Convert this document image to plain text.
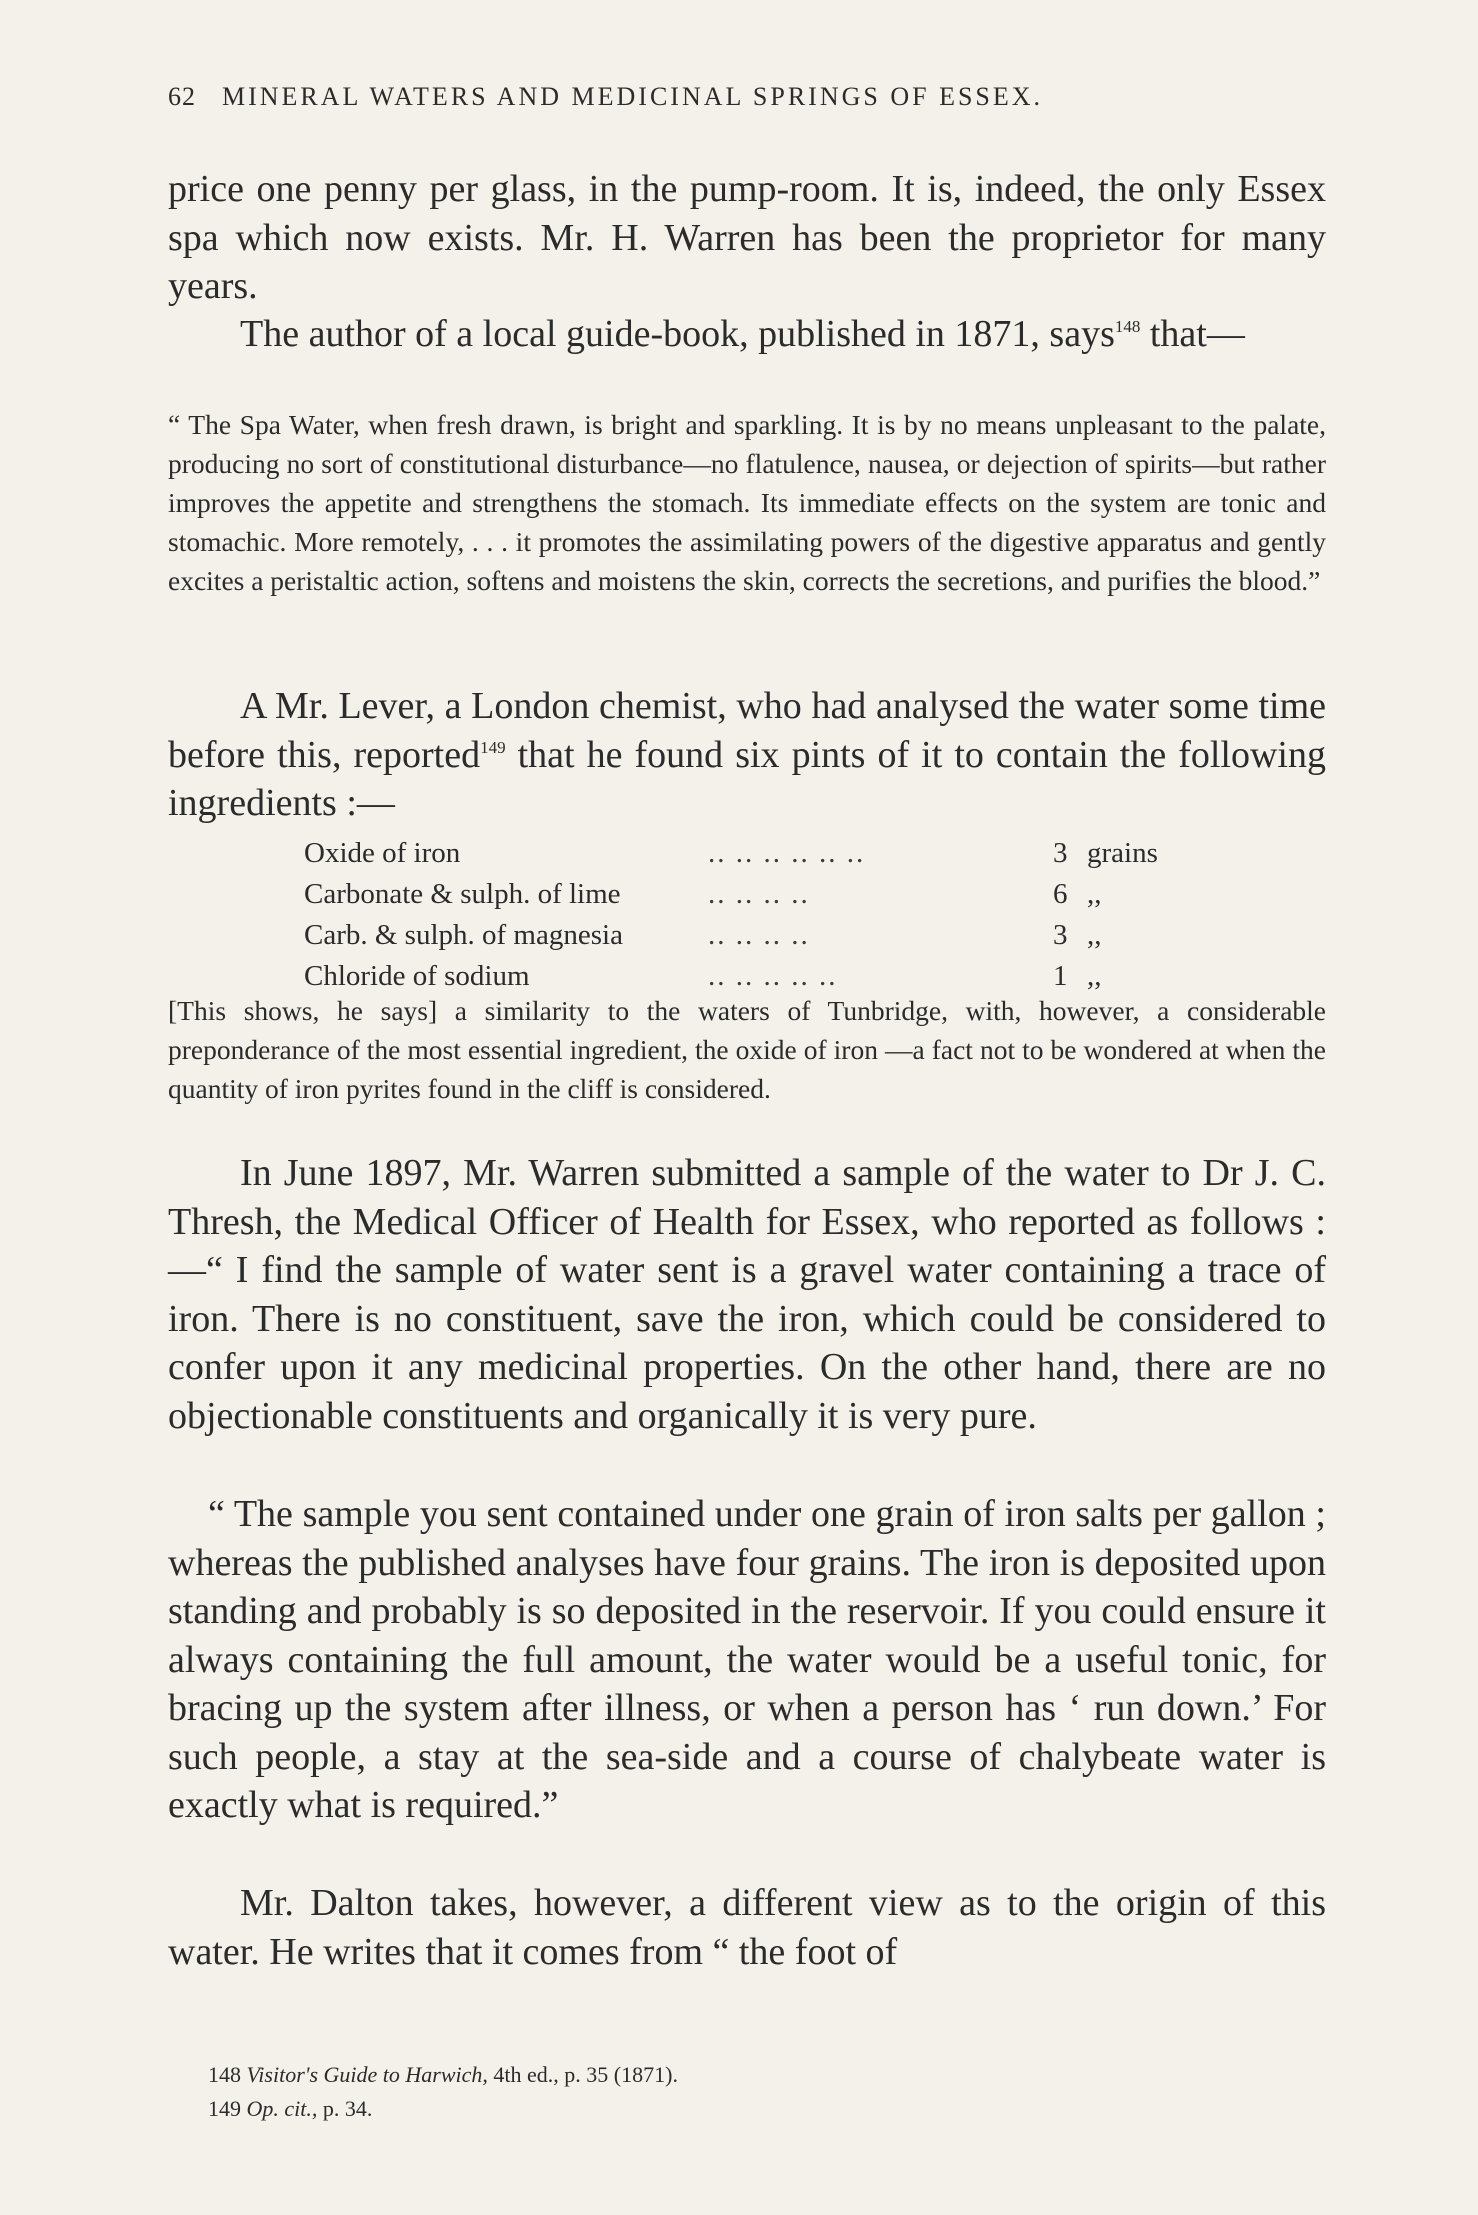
62 MINERAL WATERS AND MEDICINAL SPRINGS OF ESSEX.

price one penny per glass, in the pump-room. It is, indeed, the only Essex spa which now exists. Mr. H. Warren has been the proprietor for many years.

The author of a local guide-book, published in 1871, says$^{148}$ that—

“ The Spa Water, when fresh drawn, is bright and sparkling. It is by no means unpleasant to the palate, producing no sort of constitutional disturbance—no flatulence, nausea, or dejection of spirits—but rather improves the appetite and strengthens the stomach. Its immediate effects on the system are tonic and stomachic. More remotely, . . . it promotes the assimilating powers of the digestive apparatus and gently excites a peristaltic action, softens and moistens the skin, corrects the secretions, and purifies the blood.”

A Mr. Lever, a London chemist, who had analysed the water some time before this, reported$^{149}$ that he found six pints of it to contain the following ingredients :—

Oxide of iron	.. .. .. .. .. ..	3 grains
Carbonate & sulph. of lime	.. .. .. ..	6 ,,
Carb. & sulph. of magnesia	.. .. .. ..	3 ,,
Chloride of sodium	.. .. .. .. ..	1 ,,

[This shows, he says] a similarity to the waters of Tunbridge, with, however, a considerable preponderance of the most essential ingredient, the oxide of iron —a fact not to be wondered at when the quantity of iron pyrites found in the cliff is considered.

In June 1897, Mr. Warren submitted a sample of the water to Dr J. C. Thresh, the Medical Officer of Health for Essex, who reported as follows :—“ I find the sample of water sent is a gravel water containing a trace of iron. There is no constituent, save the iron, which could be considered to confer upon it any medicinal properties. On the other hand, there are no objectionable constituents and organically it is very pure.

“ The sample you sent contained under one grain of iron salts per gallon ; whereas the published analyses have four grains. The iron is deposited upon standing and probably is so deposited in the reservoir. If you could ensure it always containing the full amount, the water would be a useful tonic, for bracing up the system after illness, or when a person has ‘ run down.’ For such people, a stay at the sea-side and a course of chalybeate water is exactly what is required.”

Mr. Dalton takes, however, a different view as to the origin of this water. He writes that it comes from “ the foot of

148 Visitor's Guide to Harwich, 4th ed., p. 35 (1871).
149 Op. cit., p. 34.
